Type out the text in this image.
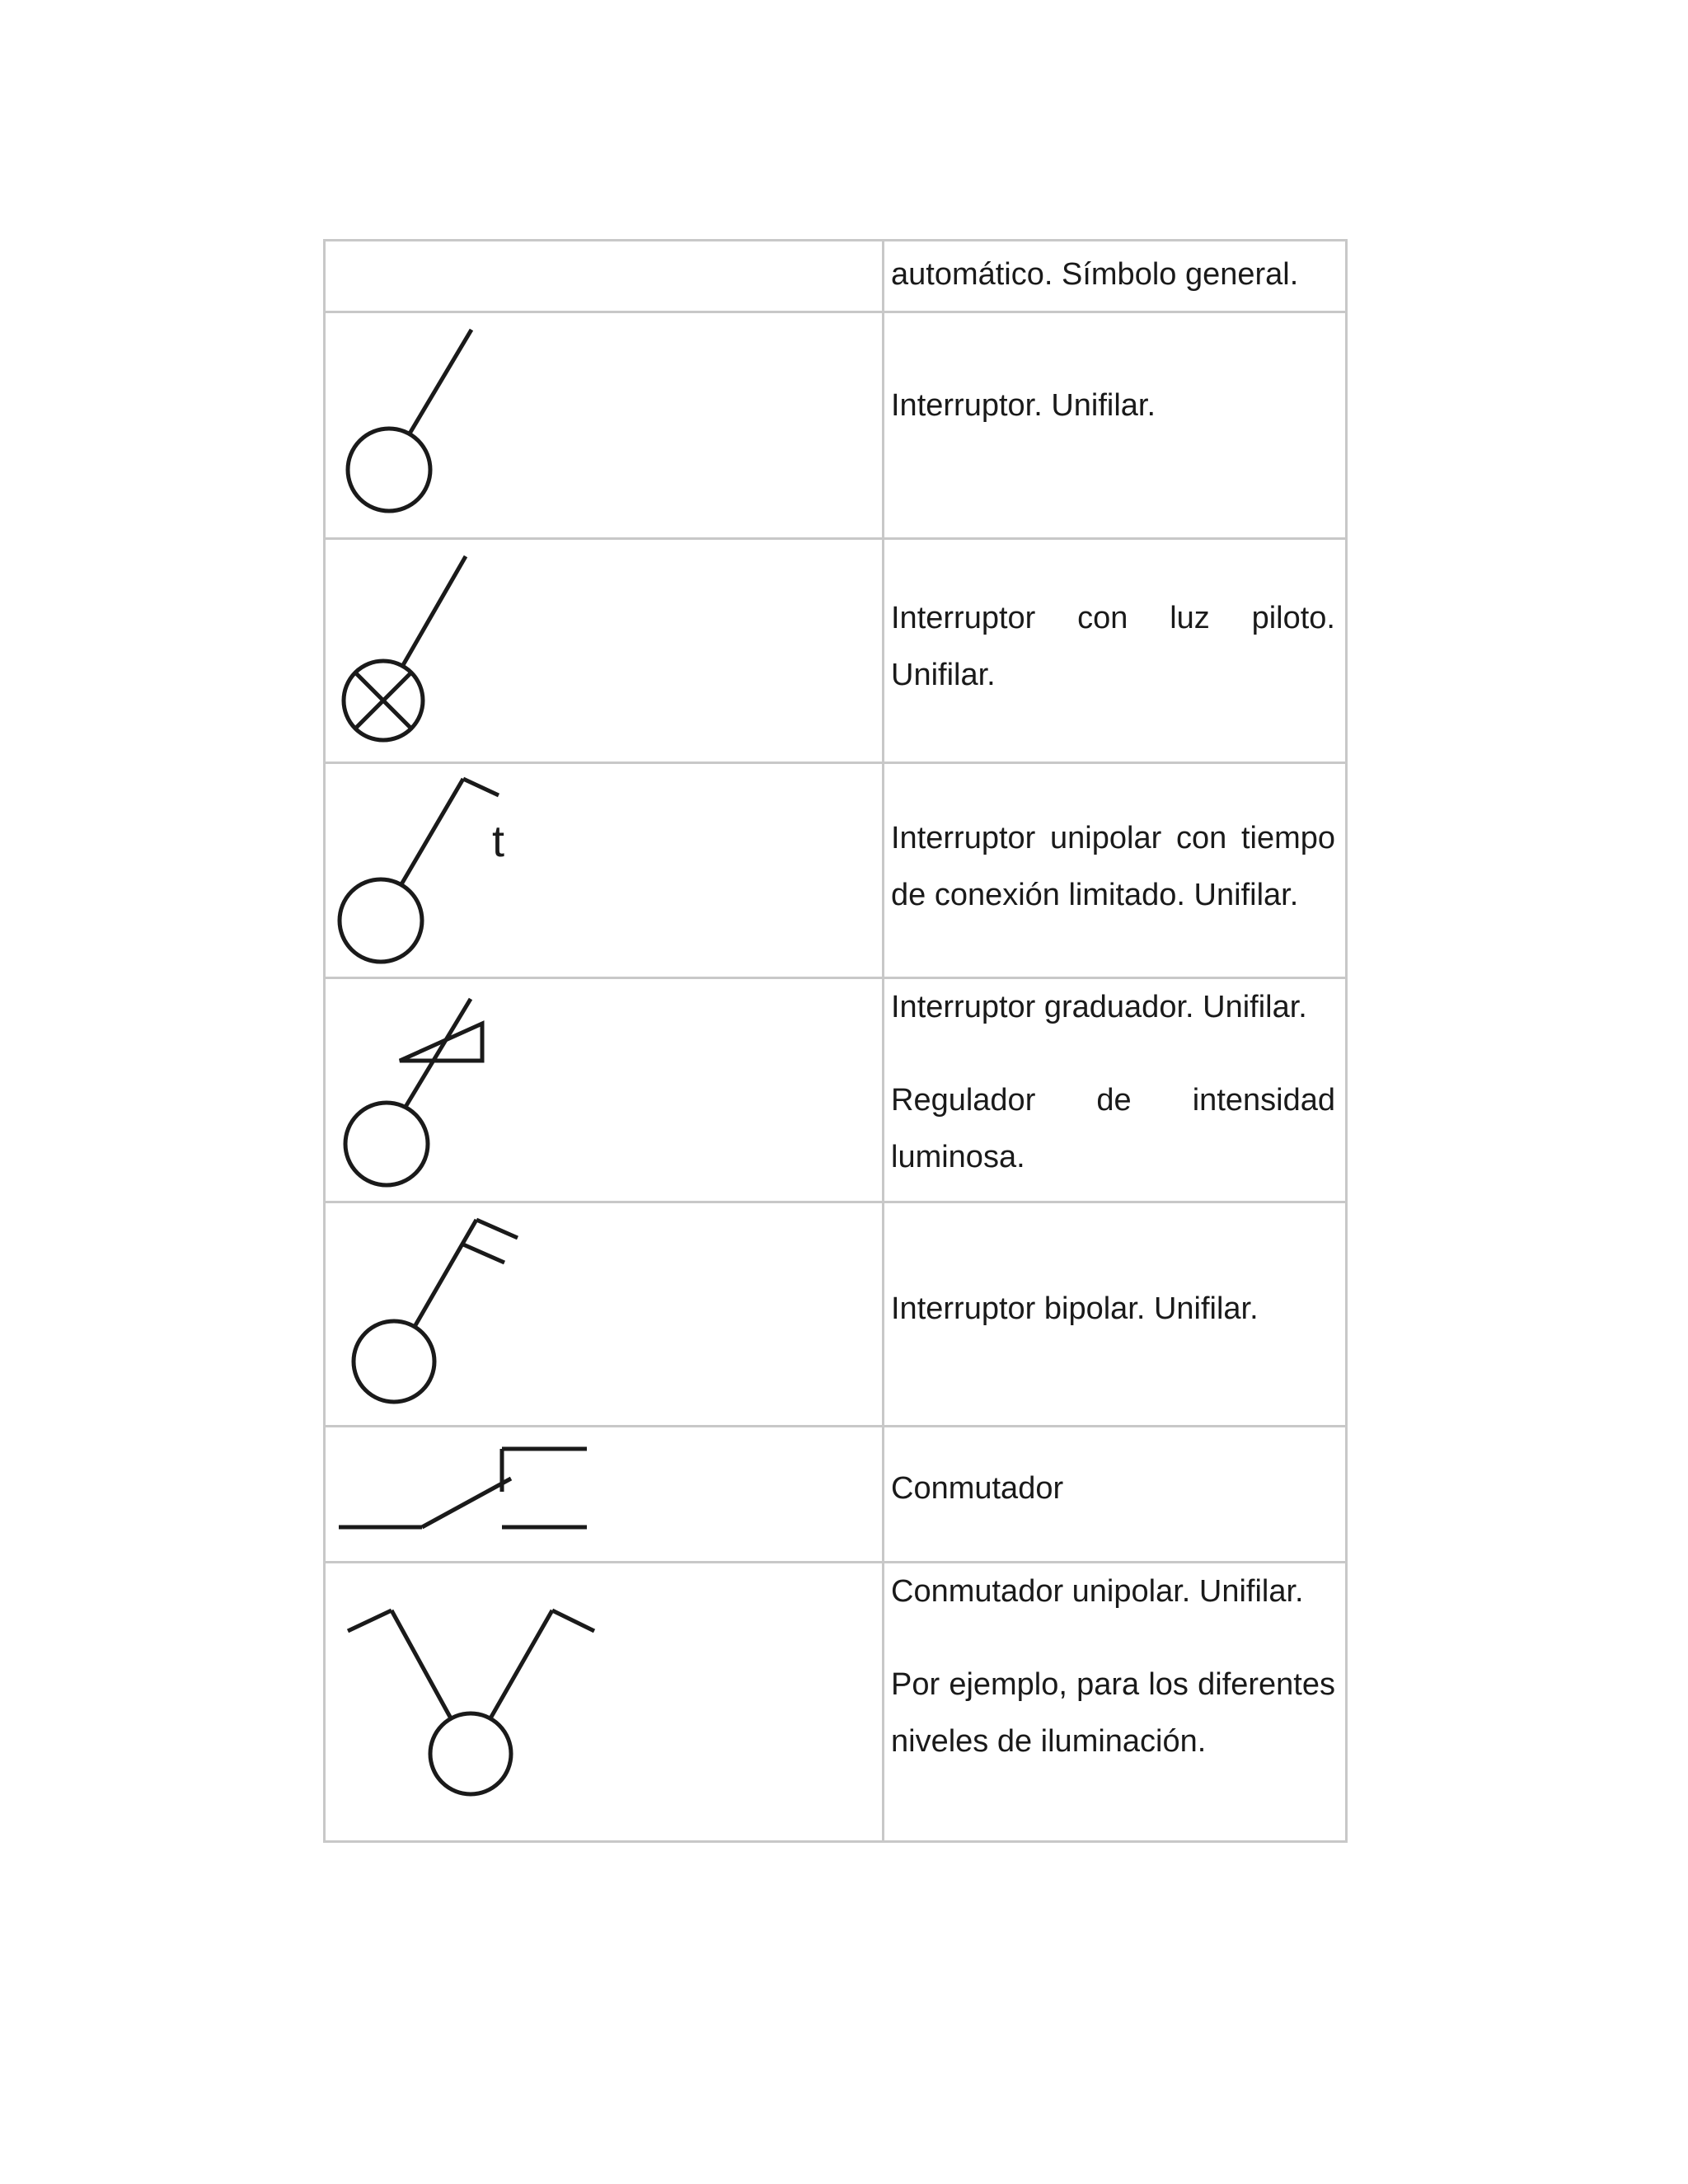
	automático. Símbolo general.

Interruptor. Unifilar.

Interruptor con luz piloto. Unifilar.

t	Interruptor unipolar con tiempo de conexión limitado. Unifilar.

Interruptor graduador. Unifilar.

Regulador de intensidad luminosa.

Interruptor bipolar. Unifilar.

Conmutador

Conmutador unipolar. Unifilar.

Por ejemplo, para los diferentes niveles de iluminación.
